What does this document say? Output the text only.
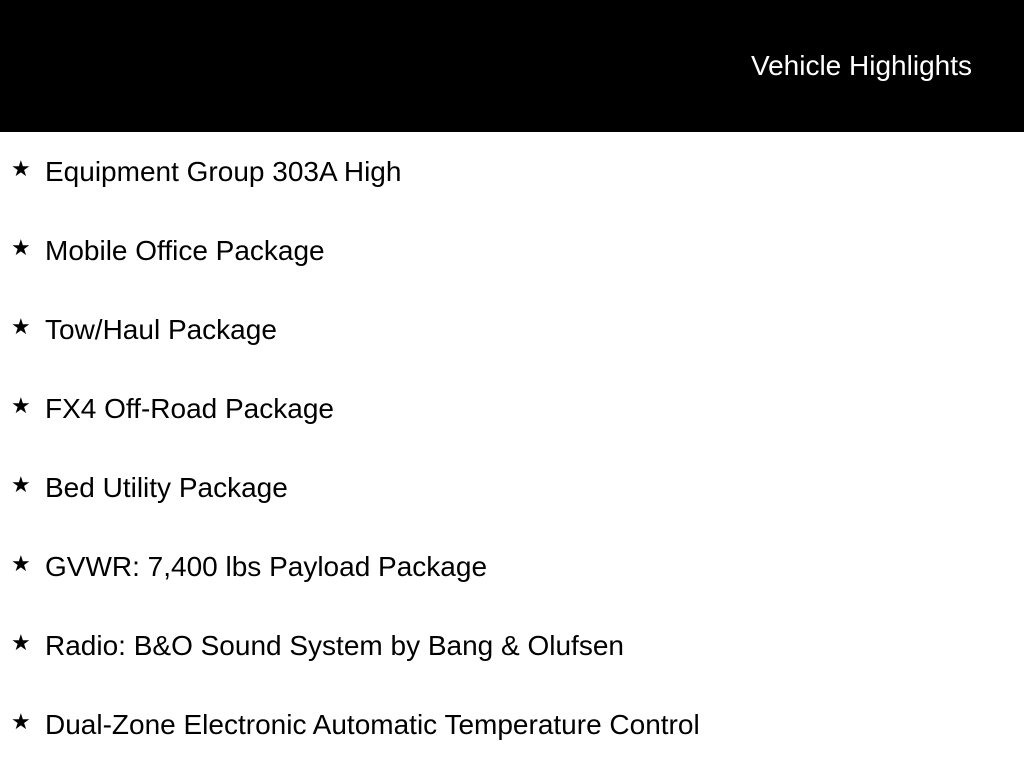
Vehicle Highlights
★ Equipment Group 303A High
★ Mobile Office Package
★ Tow/Haul Package
★ FX4 Off-Road Package
★ Bed Utility Package
★ GVWR: 7,400 lbs Payload Package
★ Radio: B&O Sound System by Bang & Olufsen
★ Dual-Zone Electronic Automatic Temperature Control
